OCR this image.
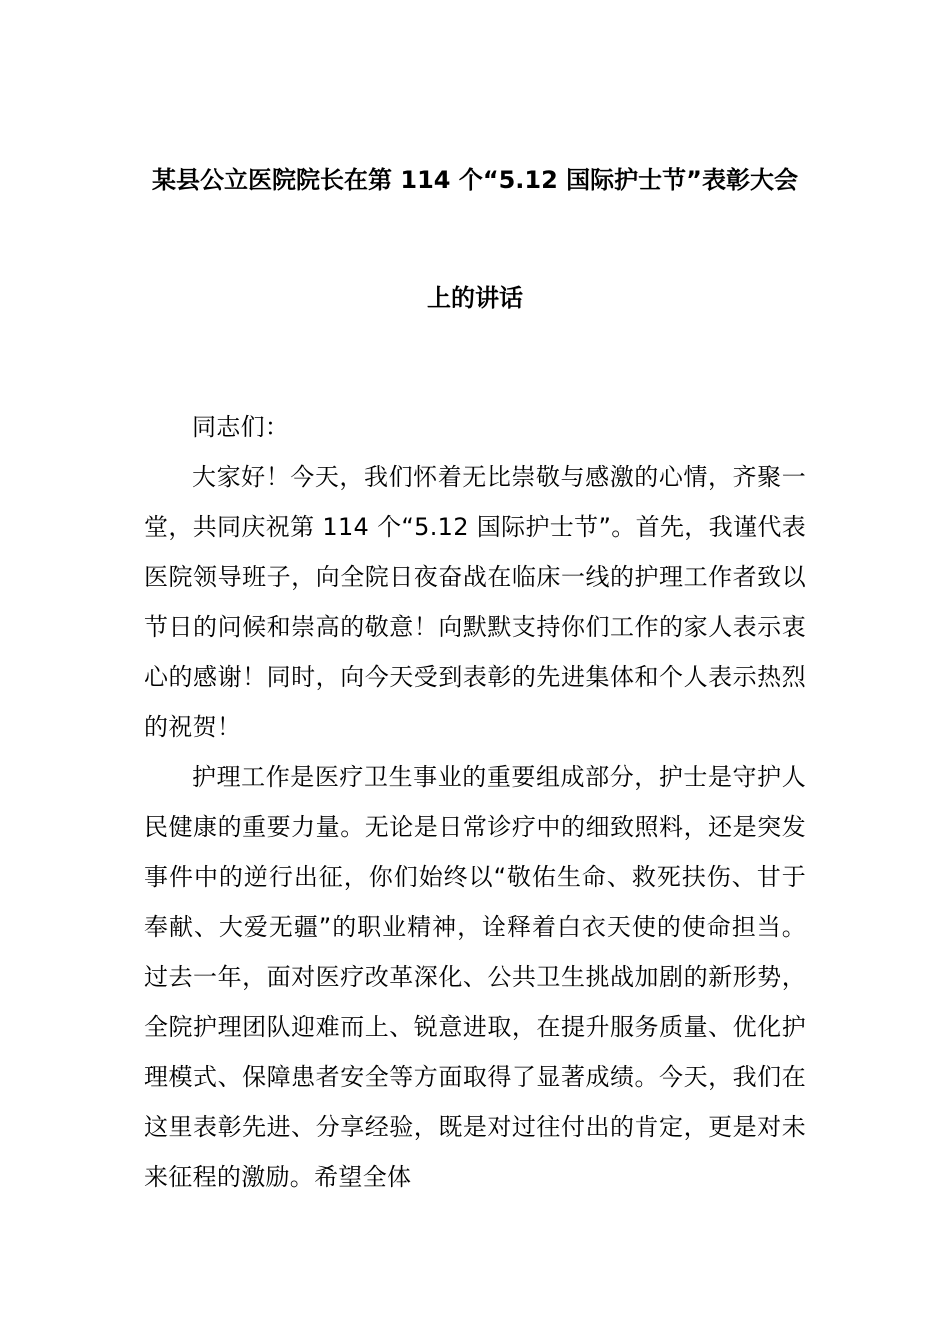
某县公立医院院长在第 114 个“5.12 国际护士节”表彰大会
上的讲话

同志们：

大家好！今天，我们怀着无比崇敬与感激的心情，齐聚一堂，共同庆祝第 114 个“5.12 国际护士节”。首先，我谨代表医院领导班子，向全院日夜奋战在临床一线的护理工作者致以节日的问候和崇高的敬意！向默默支持你们工作的家人表示衷心的感谢！同时，向今天受到表彰的先进集体和个人表示热烈的祝贺！

护理工作是医疗卫生事业的重要组成部分，护士是守护人民健康的重要力量。无论是日常诊疗中的细致照料，还是突发事件中的逆行出征，你们始终以“敬佑生命、救死扶伤、甘于奉献、大爱无疆”的职业精神，诠释着白衣天使的使命担当。过去一年，面对医疗改革深化、公共卫生挑战加剧的新形势，全院护理团队迎难而上、锐意进取，在提升服务质量、优化护理模式、保障患者安全等方面取得了显著成绩。今天，我们在这里表彰先进、分享经验，既是对过往付出的肯定，更是对未来征程的激励。希望全体
